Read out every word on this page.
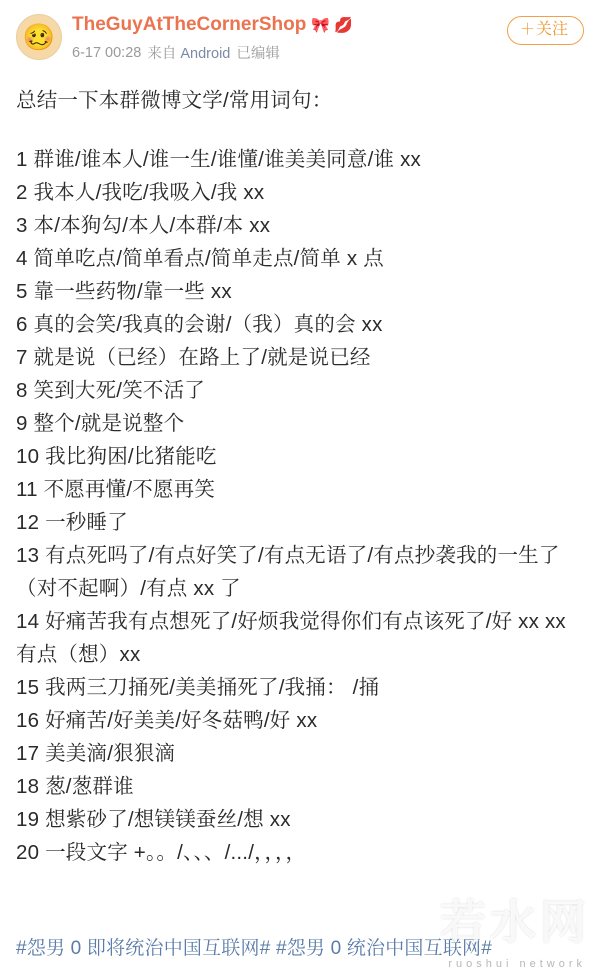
🥴 TheGuyAtTheCornerShop 🎀 💋
6-17 00:28 来自 Android 已编辑
＋关注

总结一下本群微博文学/常用词句：

1 群谁/谁本人/谁一生/谁懂/谁美美同意/谁 xx

2 我本人/我吃/我吸入/我 xx

3 本/本狗勾/本人/本群/本 xx

4 简单吃点/简单看点/简单走点/简单 x 点

5 靠一些药物/靠一些 xx

6 真的会笑/我真的会谢/（我）真的会 xx

7 就是说（已经）在路上了/就是说已经

8 笑到大死/笑不活了

9 整个/就是说整个

10 我比狗困/比猪能吃

11 不愿再懂/不愿再笑

12 一秒睡了

13 有点死吗了/有点好笑了/有点无语了/有点抄袭我的一生了（对不起啊）/有点 xx 了

14 好痛苦我有点想死了/好烦我觉得你们有点该死了/好 xx xx 有点（想）xx

15 我两三刀捅死/美美捅死了/我捅： /捅

16 好痛苦/好美美/好冬菇鸭/好 xx

17 美美滴/狠狠滴

18 葱/葱群谁

19 想紫砂了/想镁镁蚕丝/想 xx

20 一段文字 +。。/、、、/.../，，，，

#怨男 0 即将统治中国互联网# #怨男 0 统治中国互联网#
若水网
ruoshui network
